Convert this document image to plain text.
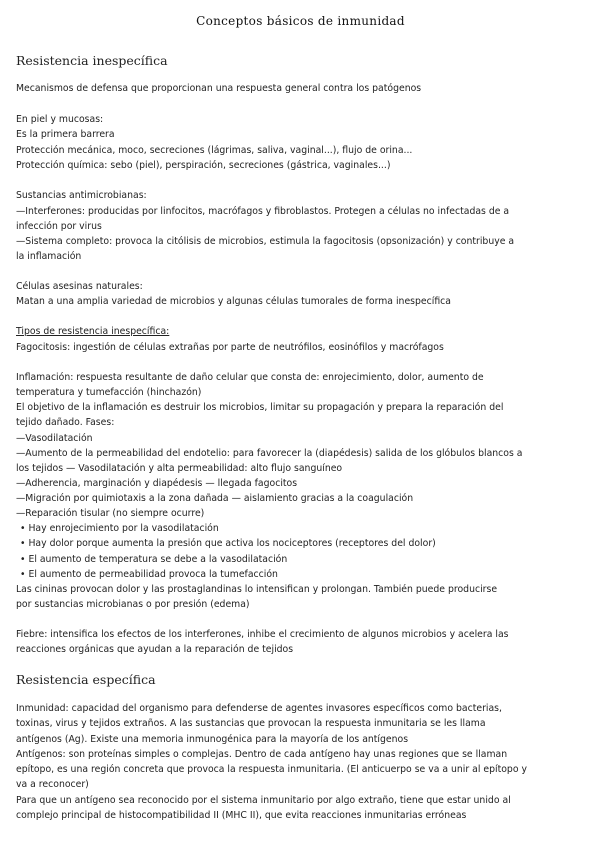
Conceptos básicos de inmunidad
Resistencia inespecífica
Mecanismos de defensa que proporcionan una respuesta general contra los patógenos
En piel y mucosas:
Es la primera barrera
Protección mecánica, moco, secreciones (lágrimas, saliva, vaginal...), flujo de orina...
Protección química: sebo (piel), perspiración, secreciones (gástrica, vaginales...)
Sustancias antimicrobianas:
—Interferones: producidas por linfocitos, macrófagos y fibroblastos. Protegen a células no infectadas de a
infección por virus
—Sistema completo: provoca la citólisis de microbios, estimula la fagocitosis (opsonización) y contribuye a
la inflamación
Células asesinas naturales:
Matan a una amplia variedad de microbios y algunas células tumorales de forma inespecífica
Tipos de resistencia inespecífica:
Fagocitosis: ingestión de células extrañas por parte de neutrófilos, eosinófilos y macrófagos
Inflamación: respuesta resultante de daño celular que consta de: enrojecimiento, dolor, aumento de
temperatura y tumefacción (hinchazón)
El objetivo de la inflamación es destruir los microbios, limitar su propagación y prepara la reparación del
tejido dañado. Fases:
—Vasodilatación
—Aumento de la permeabilidad del endotelio: para favorecer la (diapédesis) salida de los glóbulos blancos a
los tejidos — Vasodilatación y alta permeabilidad: alto flujo sanguíneo
—Adherencia, marginación y diapédesis — llegada fagocitos
—Migración por quimiotaxis a la zona dañada — aislamiento gracias a la coagulación
—Reparación tisular (no siempre ocurre)
• Hay enrojecimiento por la vasodilatación
• Hay dolor porque aumenta la presión que activa los nociceptores (receptores del dolor)
• El aumento de temperatura se debe a la vasodilatación
• El aumento de permeabilidad provoca la tumefacción
Las cininas provocan dolor y las prostaglandinas lo intensifican y prolongan. También puede producirse
por sustancias microbianas o por presión (edema)
Fiebre: intensifica los efectos de los interferones, inhibe el crecimiento de algunos microbios y acelera las
reacciones orgánicas que ayudan a la reparación de tejidos
Resistencia específica
Inmunidad: capacidad del organismo para defenderse de agentes invasores específicos como bacterias,
toxinas, virus y tejidos extraños. A las sustancias que provocan la respuesta inmunitaria se les llama
antígenos (Ag). Existe una memoria inmunogénica para la mayoría de los antígenos
Antígenos: son proteínas simples o complejas. Dentro de cada antígeno hay unas regiones que se llaman
epítopo, es una región concreta que provoca la respuesta inmunitaria. (El anticuerpo se va a unir al epítopo y
va a reconocer)
Para que un antígeno sea reconocido por el sistema inmunitario por algo extraño, tiene que estar unido al
complejo principal de histocompatibilidad II (MHC II), que evita reacciones inmunitarias erróneas
